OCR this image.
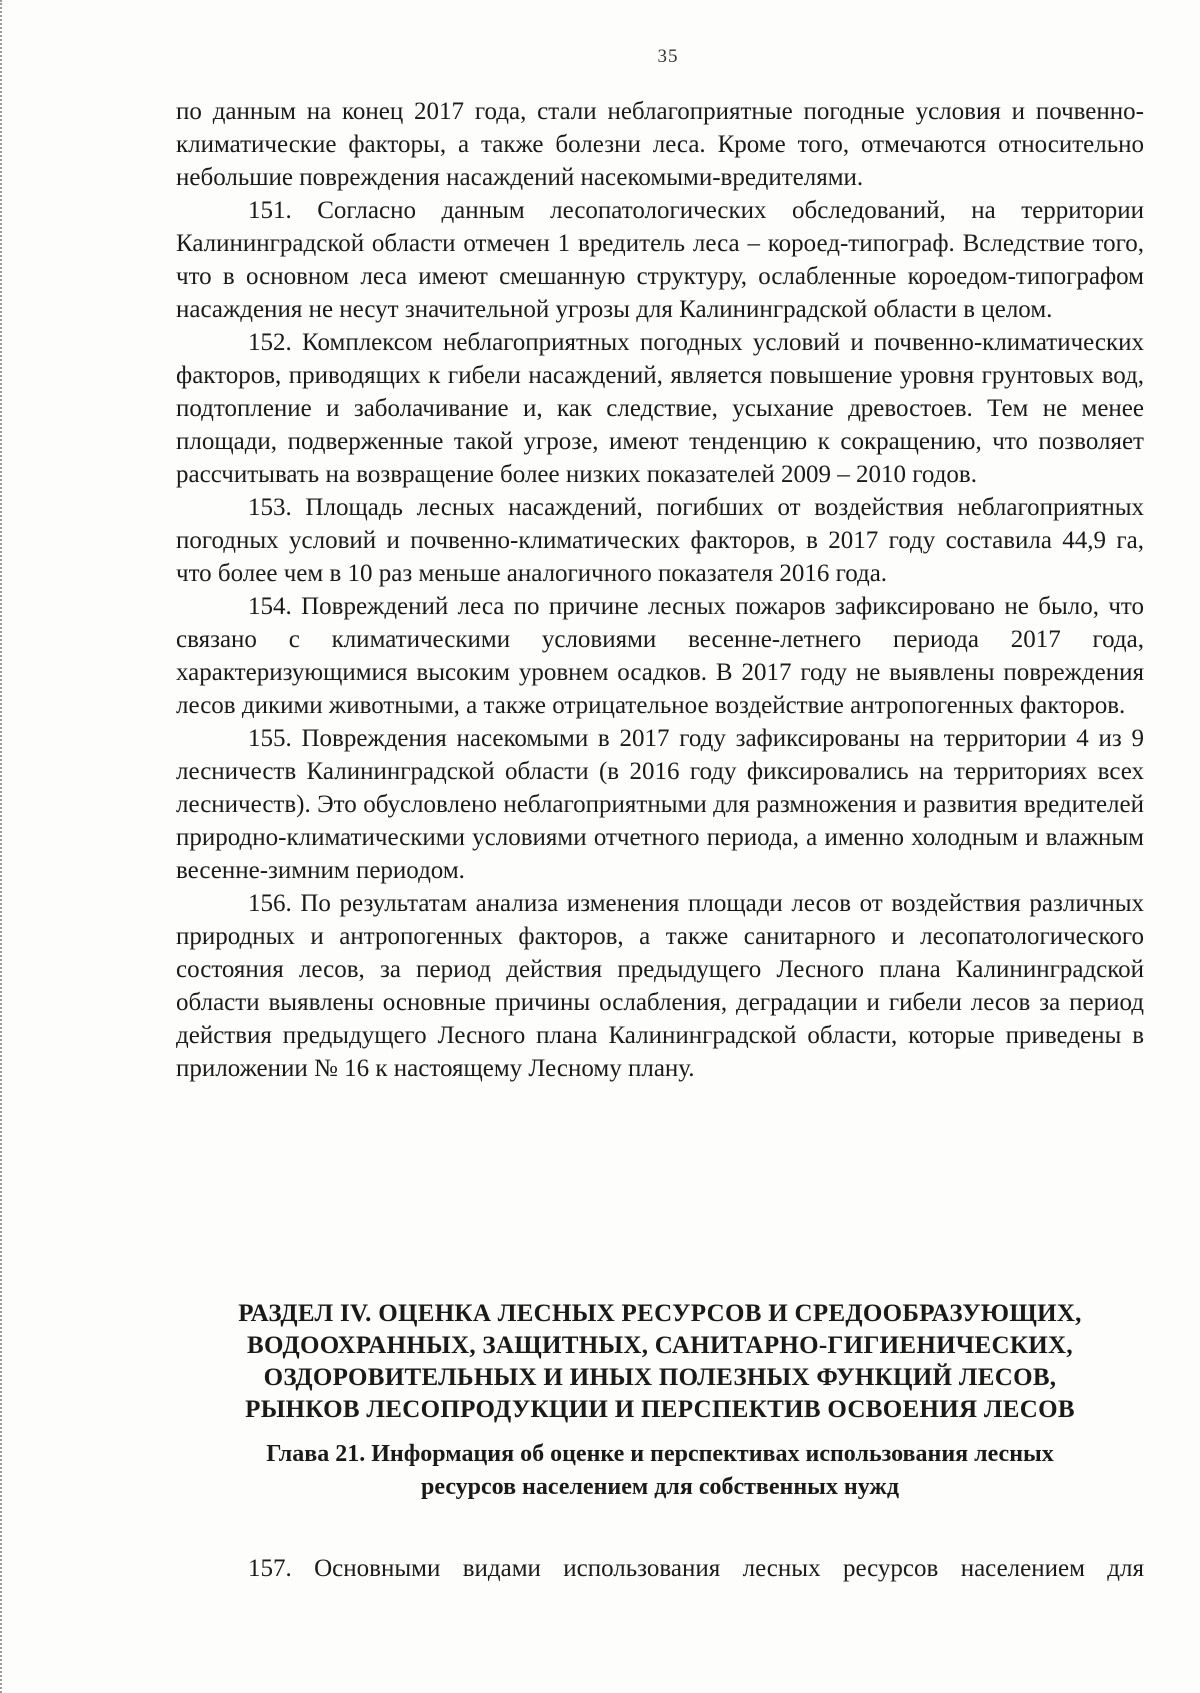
35

по данным на конец 2017 года, стали неблагоприятные погодные условия и почвенно-климатические факторы, а также болезни леса. Кроме того, отмечаются относительно небольшие повреждения насаждений насекомыми-вредителями.

151. Согласно данным лесопатологических обследований, на территории Калининградской области отмечен 1 вредитель леса – короед-типограф. Вследствие того, что в основном леса имеют смешанную структуру, ослабленные короедом-типографом насаждения не несут значительной угрозы для Калининградской области в целом.

152. Комплексом неблагоприятных погодных условий и почвенно-климатических факторов, приводящих к гибели насаждений, является повышение уровня грунтовых вод, подтопление и заболачивание и, как следствие, усыхание древостоев. Тем не менее площади, подверженные такой угрозе, имеют тенденцию к сокращению, что позволяет рассчитывать на возвращение более низких показателей 2009 – 2010 годов.

153. Площадь лесных насаждений, погибших от воздействия неблагоприятных погодных условий и почвенно-климатических факторов, в 2017 году составила 44,9 га, что более чем в 10 раз меньше аналогичного показателя 2016 года.

154. Повреждений леса по причине лесных пожаров зафиксировано не было, что связано с климатическими условиями весенне-летнего периода 2017 года, характеризующимися высоким уровнем осадков. В 2017 году не выявлены повреждения лесов дикими животными, а также отрицательное воздействие антропогенных факторов.

155. Повреждения насекомыми в 2017 году зафиксированы на территории 4 из 9 лесничеств Калининградской области (в 2016 году фиксировались на территориях всех лесничеств). Это обусловлено неблагоприятными для размножения и развития вредителей природно-климатическими условиями отчетного периода, а именно холодным и влажным весенне-зимним периодом.

156. По результатам анализа изменения площади лесов от воздействия различных природных и антропогенных факторов, а также санитарного и лесопатологического состояния лесов, за период действия предыдущего Лесного плана Калининградской области выявлены основные причины ослабления, деградации и гибели лесов за период действия предыдущего Лесного плана Калининградской области, которые приведены в приложении № 16 к настоящему Лесному плану.

РАЗДЕЛ IV. ОЦЕНКА ЛЕСНЫХ РЕСУРСОВ И СРЕДООБРАЗУЮЩИХ,
ВОДООХРАННЫХ, ЗАЩИТНЫХ, САНИТАРНО-ГИГИЕНИЧЕСКИХ,
ОЗДОРОВИТЕЛЬНЫХ И ИНЫХ ПОЛЕЗНЫХ ФУНКЦИЙ ЛЕСОВ,
РЫНКОВ ЛЕСОПРОДУКЦИИ И ПЕРСПЕКТИВ ОСВОЕНИЯ ЛЕСОВ
Глава 21. Информация об оценке и перспективах использования лесных
ресурсов населением для собственных нужд
157. Основными видами использования лесных ресурсов населением для
